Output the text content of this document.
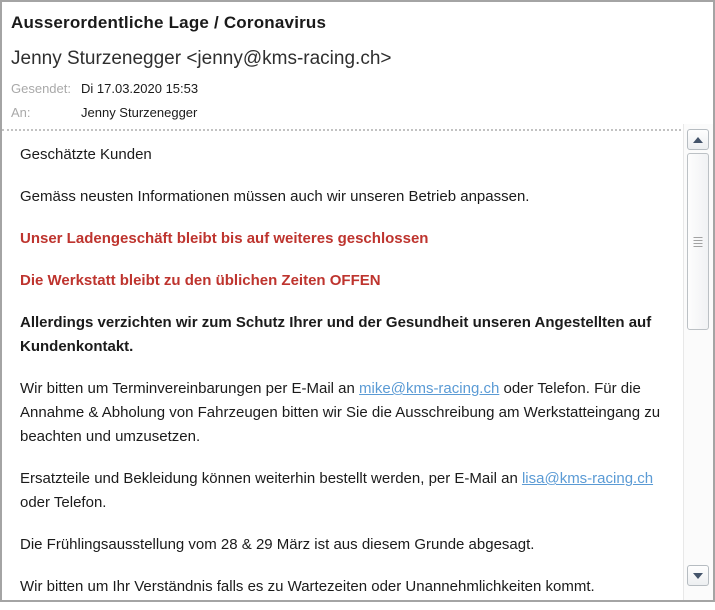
Ausserordentliche Lage / Coronavirus
Jenny Sturzenegger <jenny@kms-racing.ch>
Gesendet: Di 17.03.2020 15:53
An:	Jenny Sturzenegger

Geschätzte Kunden

Gemäss neusten Informationen müssen auch wir unseren Betrieb anpassen.

Unser Ladengeschäft bleibt bis auf weiteres geschlossen

Die Werkstatt bleibt zu den üblichen Zeiten OFFEN

Allerdings verzichten wir zum Schutz Ihrer und der Gesundheit unseren Angestellten auf Kundenkontakt.

Wir bitten um Terminvereinbarungen per E-Mail an mike@kms-racing.ch oder Telefon. Für die Annahme & Abholung von Fahrzeugen bitten wir Sie die Ausschreibung am Werkstatteingang zu beachten und umzusetzen.

Ersatzteile und Bekleidung können weiterhin bestellt werden, per E-Mail an lisa@kms-racing.ch oder Telefon.

Die Frühlingsausstellung vom 28 & 29 März ist aus diesem Grunde abgesagt.

Wir bitten um Ihr Verständnis falls es zu Wartezeiten oder Unannehmlichkeiten kommt.
